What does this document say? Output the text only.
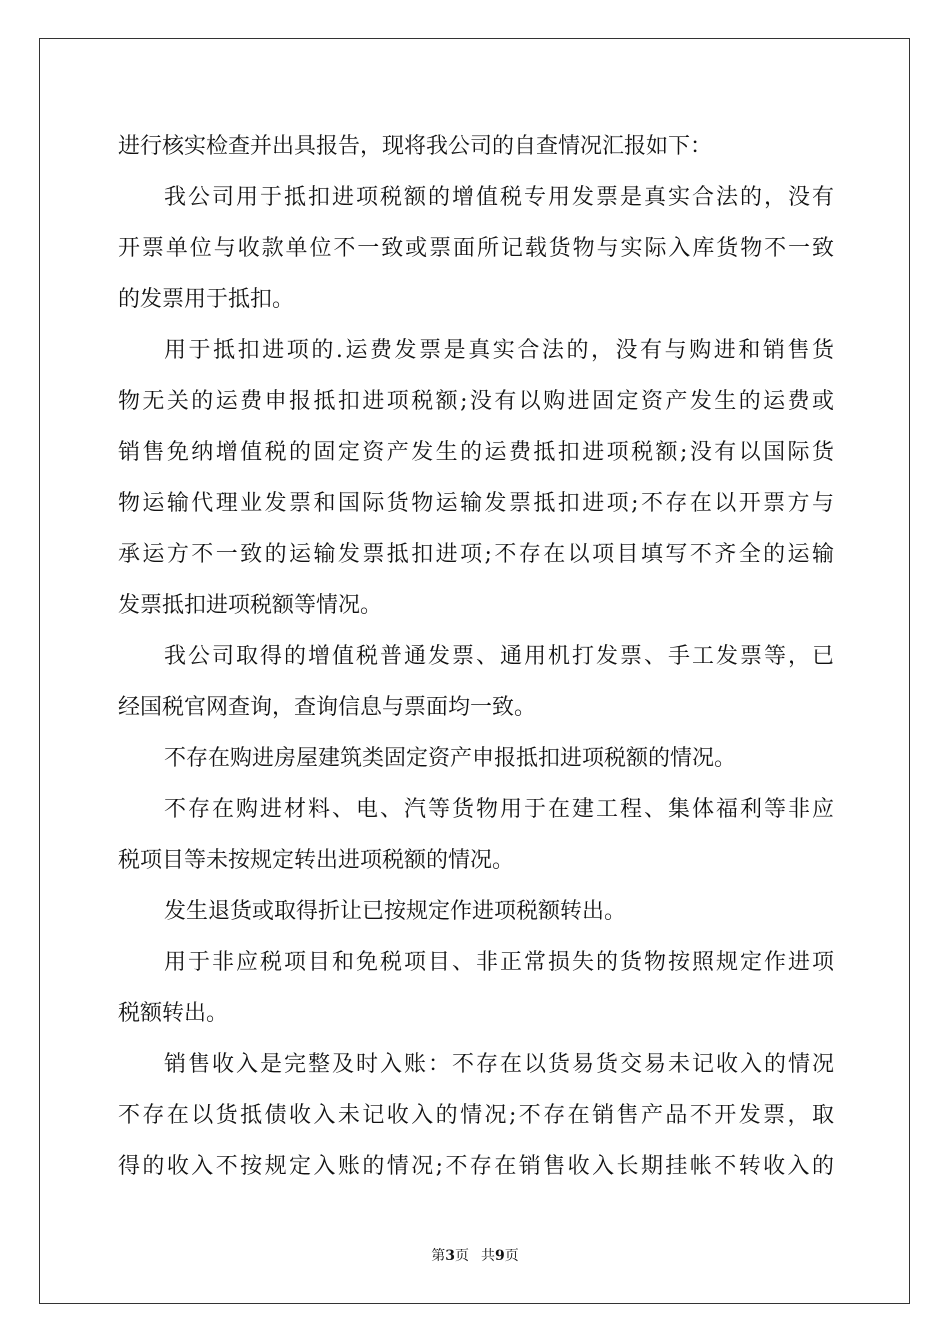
进行核实检查并出具报告，现将我公司的自查情况汇报如下：
我公司用于抵扣进项税额的增值税专用发票是真实合法的，没有
开票单位与收款单位不一致或票面所记载货物与实际入库货物不一致
的发票用于抵扣。
用于抵扣进项的.运费发票是真实合法的，没有与购进和销售货
物无关的运费申报抵扣进项税额;没有以购进固定资产发生的运费或
销售免纳增值税的固定资产发生的运费抵扣进项税额;没有以国际货
物运输代理业发票和国际货物运输发票抵扣进项;不存在以开票方与
承运方不一致的运输发票抵扣进项;不存在以项目填写不齐全的运输
发票抵扣进项税额等情况。
我公司取得的增值税普通发票、通用机打发票、手工发票等，已
经国税官网查询，查询信息与票面均一致。
不存在购进房屋建筑类固定资产申报抵扣进项税额的情况。
不存在购进材料、电、汽等货物用于在建工程、集体福利等非应
税项目等未按规定转出进项税额的情况。
发生退货或取得折让已按规定作进项税额转出。
用于非应税项目和免税项目、非正常损失的货物按照规定作进项
税额转出。
销售收入是完整及时入账：不存在以货易货交易未记收入的情况
不存在以货抵债收入未记收入的情况;不存在销售产品不开发票，取
得的收入不按规定入账的情况;不存在销售收入长期挂帐不转收入的
第3页 共9页
